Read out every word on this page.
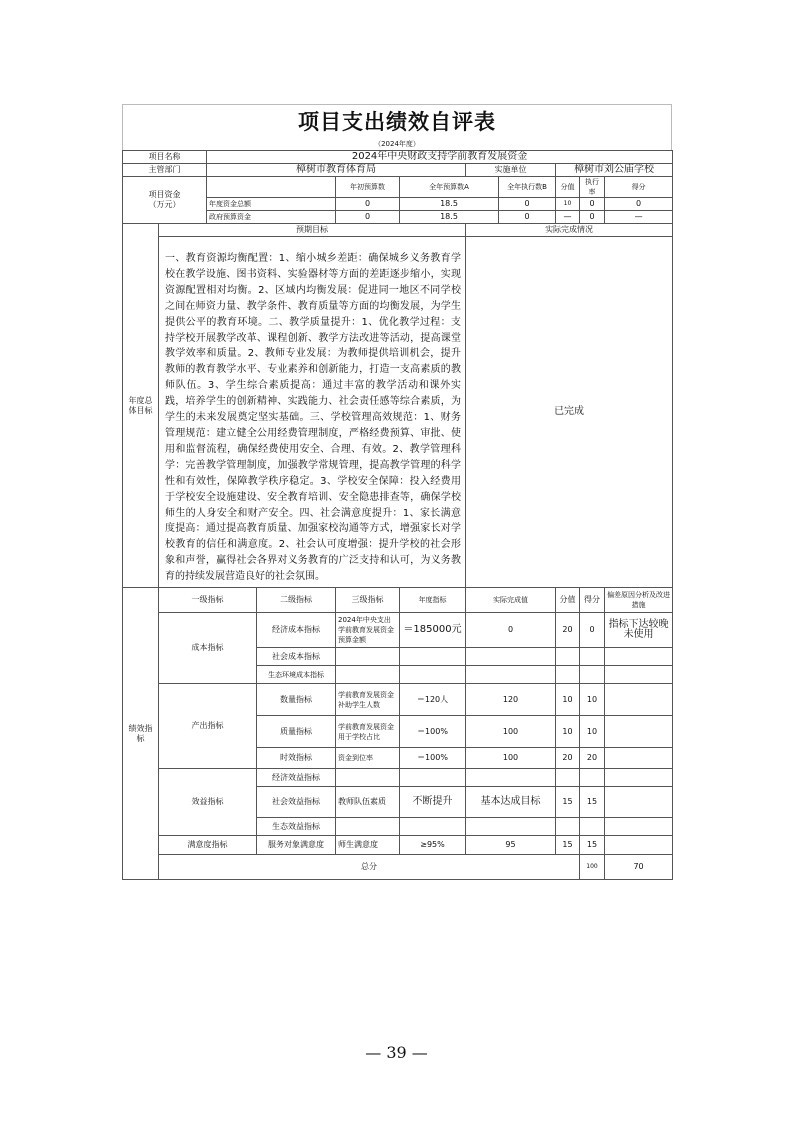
项目支出绩效自评表
（2024年度）
项目名称		2024年中央财政支持学前教育发展资金									
主管部门		樟树市教育体育局				实施单位		樟树市刘公庙学校			
项目资金
（万元）				年初预算数	全年预算数A		全年执行数B	分值	执行率	得分	
		年度资金总额		0	18.5		0	10	0	0	
		政府预算资金		0	18.5		0	—	0	—	
年度总体目标	预期目标					实际完成情况					
	一、教育资源均衡配置：1、缩小城乡差距：确保城乡义务教育学校在教学设施、图书资料、实验器材等方面的差距逐步缩小，实现资源配置相对均衡。2、区域内均衡发展：促进同一地区不同学校之间在师资力量、教学条件、教育质量等方面的均衡发展，为学生提供公平的教育环境。二、教学质量提升：1、优化教学过程：支持学校开展教学改革、课程创新、教学方法改进等活动，提高课堂教学效率和质量。2、教师专业发展：为教师提供培训机会，提升教师的教育教学水平、专业素养和创新能力，打造一支高素质的教师队伍。3、学生综合素质提高：通过丰富的教学活动和课外实践，培养学生的创新精神、实践能力、社会责任感等综合素质，为学生的未来发展奠定坚实基础。三、学校管理高效规范：1、财务管理规范：建立健全公用经费管理制度，严格经费预算、审批、使用和监督流程，确保经费使用安全、合理、有效。2、教学管理科学：完善教学管理制度，加强教学常规管理，提高教学管理的科学性和有效性，保障教学秩序稳定。3、学校安全保障：投入经费用于学校安全设施建设、安全教育培训、安全隐患排查等，确保学校师生的人身安全和财产安全。四、社会满意度提升：1、家长满意度提高：通过提高教育质量、加强家校沟通等方式，增强家长对学校教育的信任和满意度。2、社会认可度增强：提升学校的社会形象和声誉，赢得社会各界对义务教育的广泛支持和认可，为义务教育的持续发展营造良好的社会氛围。					已完成					
绩效指标	一级指标		二级指标	三级指标	年度指标	实际完成值		分值	得分	偏差原因分析及改进措施	
	成本指标		经济成本指标	2024年中央支出学前教育发展资金预算金额	＝185000元	0		20	0	指标下达较晚未使用	
			社会成本指标								
			生态环境成本指标								
	产出指标		数量指标	学前教育发展资金补助学生人数	＝120人	120		10	10		
			质量指标	学前教育发展资金用于学校占比	＝100%	100		10	10		
			时效指标	资金到位率	＝100%	100		20	20		
	效益指标		经济效益指标								
			社会效益指标	教师队伍素质	不断提升	基本达成目标		15	15		
			生态效益指标								
	满意度指标		服务对象满意度	师生满意度	≥95%	95		15	15		
	总分								100	70	
— 39 —
